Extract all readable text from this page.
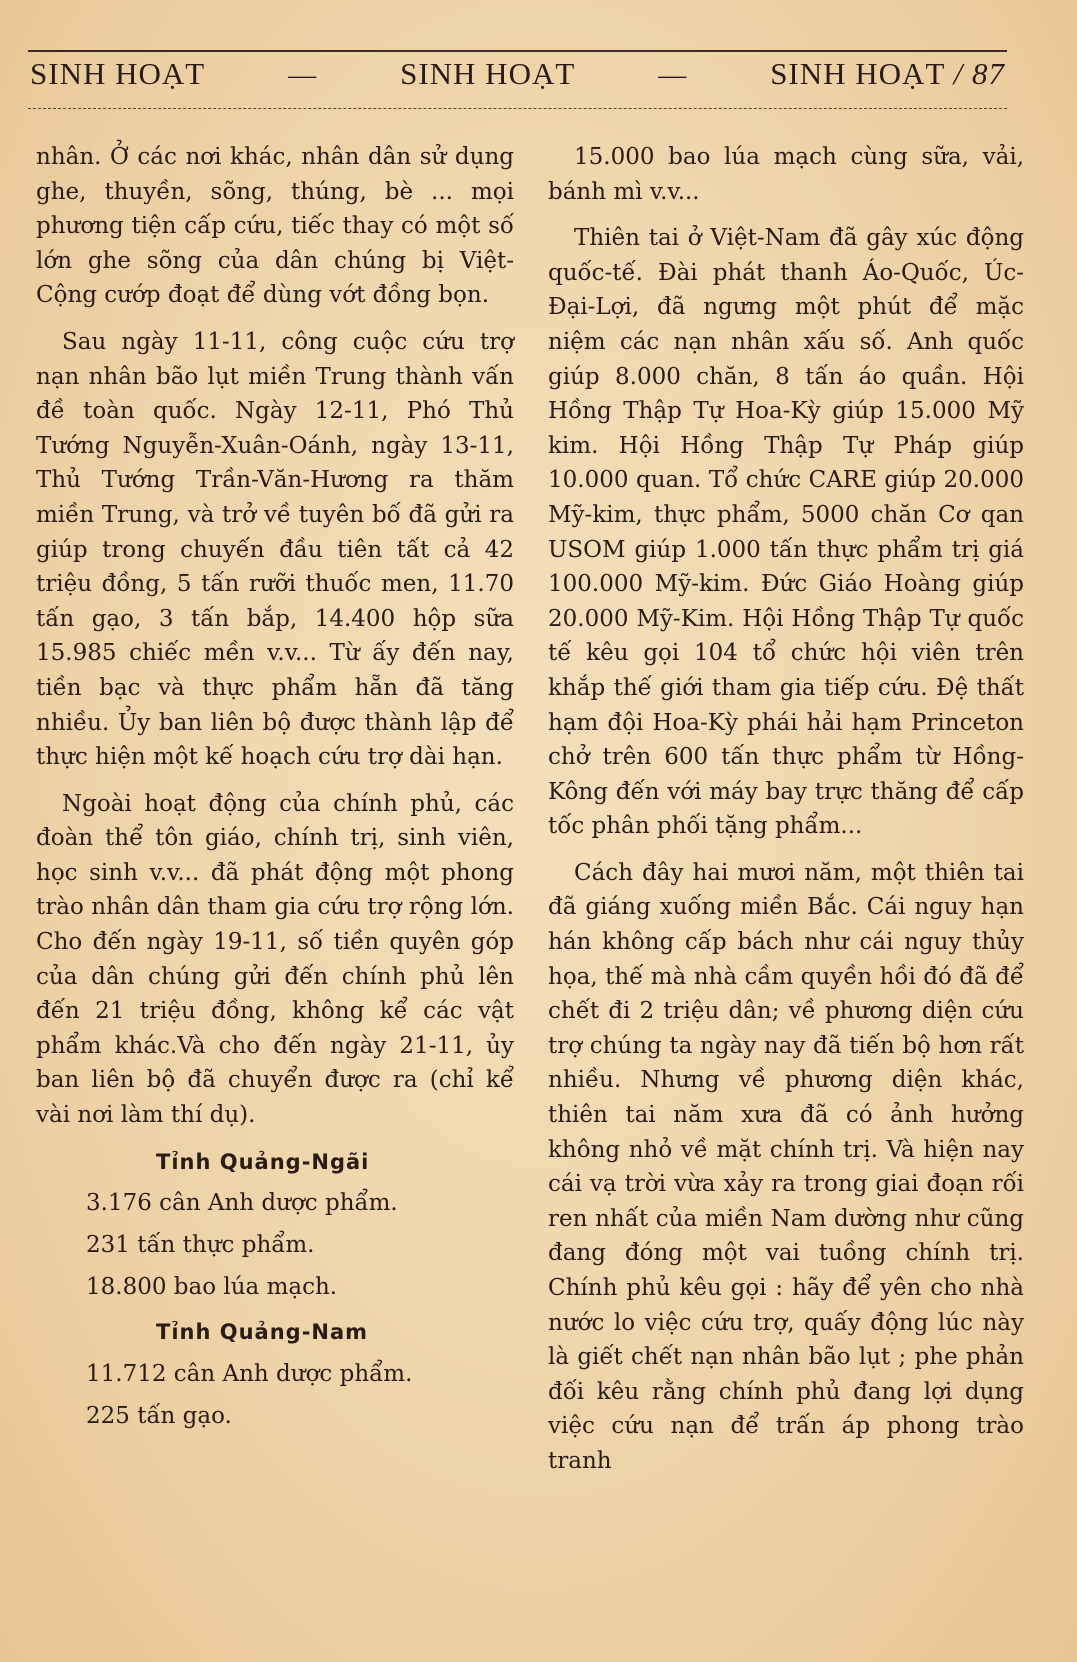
SINH HOẠT	—	SINH HOẠT	—	SINH HOẠT / 87

nhân. Ở các nơi khác, nhân dân sử dụng ghe, thuyền, sõng, thúng, bè ... mọi phương tiện cấp cứu, tiếc thay có một số lớn ghe sõng của dân chúng bị Việt-Cộng cướp đoạt để dùng vớt đồng bọn.

Sau ngày 11-11, công cuộc cứu trợ nạn nhân bão lụt miền Trung thành vấn đề toàn quốc. Ngày 12-11, Phó Thủ Tướng Nguyễn-Xuân-Oánh, ngày 13-11, Thủ Tướng Trần-Văn-Hương ra thăm miền Trung, và trở về tuyên bố đã gửi ra giúp trong chuyến đầu tiên tất cả 42 triệu đồng, 5 tấn rưỡi thuốc men, 11.70 tấn gạo, 3 tấn bắp, 14.400 hộp sữa 15.985 chiếc mền v.v... Từ ấy đến nay, tiền bạc và thực phẩm hẵn đã tăng nhiều. Ủy ban liên bộ được thành lập để thực hiện một kế hoạch cứu trợ dài hạn.

Ngoài hoạt động của chính phủ, các đoàn thể tôn giáo, chính trị, sinh viên, học sinh v.v... đã phát động một phong trào nhân dân tham gia cứu trợ rộng lớn. Cho đến ngày 19-11, số tiền quyên góp của dân chúng gửi đến chính phủ lên đến 21 triệu đồng, không kể các vật phẩm khác.Và cho đến ngày 21-11, ủy ban liên bộ đã chuyển được ra (chỉ kể vài nơi làm thí dụ).

Tỉnh Quảng-Ngãi
3.176 cân Anh dược phẩm.
231 tấn thực phẩm.
18.800 bao lúa mạch.
Tỉnh Quảng-Nam
11.712 cân Anh dược phẩm.
225 tấn gạo.

15.000 bao lúa mạch cùng sữa, vải, bánh mì v.v...

Thiên tai ở Việt-Nam đã gây xúc động quốc-tế. Đài phát thanh Áo-Quốc, Úc-Đại-Lợi, đã ngưng một phút để mặc niệm các nạn nhân xấu số. Anh quốc giúp 8.000 chăn, 8 tấn áo quần. Hội Hồng Thập Tự Hoa-Kỳ giúp 15.000 Mỹ kim. Hội Hồng Thập Tự Pháp giúp 10.000 quan. Tổ chức CARE giúp 20.000 Mỹ-kim, thực phẩm, 5000 chăn Cơ qan USOM giúp 1.000 tấn thực phẩm trị giá 100.000 Mỹ-kim. Đức Giáo Hoàng giúp 20.000 Mỹ-Kim. Hội Hồng Thập Tự quốc tế kêu gọi 104 tổ chức hội viên trên khắp thế giới tham gia tiếp cứu. Đệ thất hạm đội Hoa-Kỳ phái hải hạm Princeton chở trên 600 tấn thực phẩm từ Hồng-Kông đến với máy bay trực thăng để cấp tốc phân phối tặng phẩm...

Cách đây hai mươi năm, một thiên tai đã giáng xuống miền Bắc. Cái nguy hạn hán không cấp bách như cái nguy thủy họa, thế mà nhà cầm quyền hồi đó đã để chết đi 2 triệu dân; về phương diện cứu trợ chúng ta ngày nay đã tiến bộ hơn rất nhiều. Nhưng về phương diện khác, thiên tai năm xưa đã có ảnh hưởng không nhỏ về mặt chính trị. Và hiện nay cái vạ trời vừa xảy ra trong giai đoạn rối ren nhất của miền Nam dường như cũng đang đóng một vai tuồng chính trị. Chính phủ kêu gọi : hãy để yên cho nhà nước lo việc cứu trợ, quấy động lúc này là giết chết nạn nhân bão lụt ; phe phản đối kêu rằng chính phủ đang lợi dụng việc cứu nạn để trấn áp phong trào tranh
